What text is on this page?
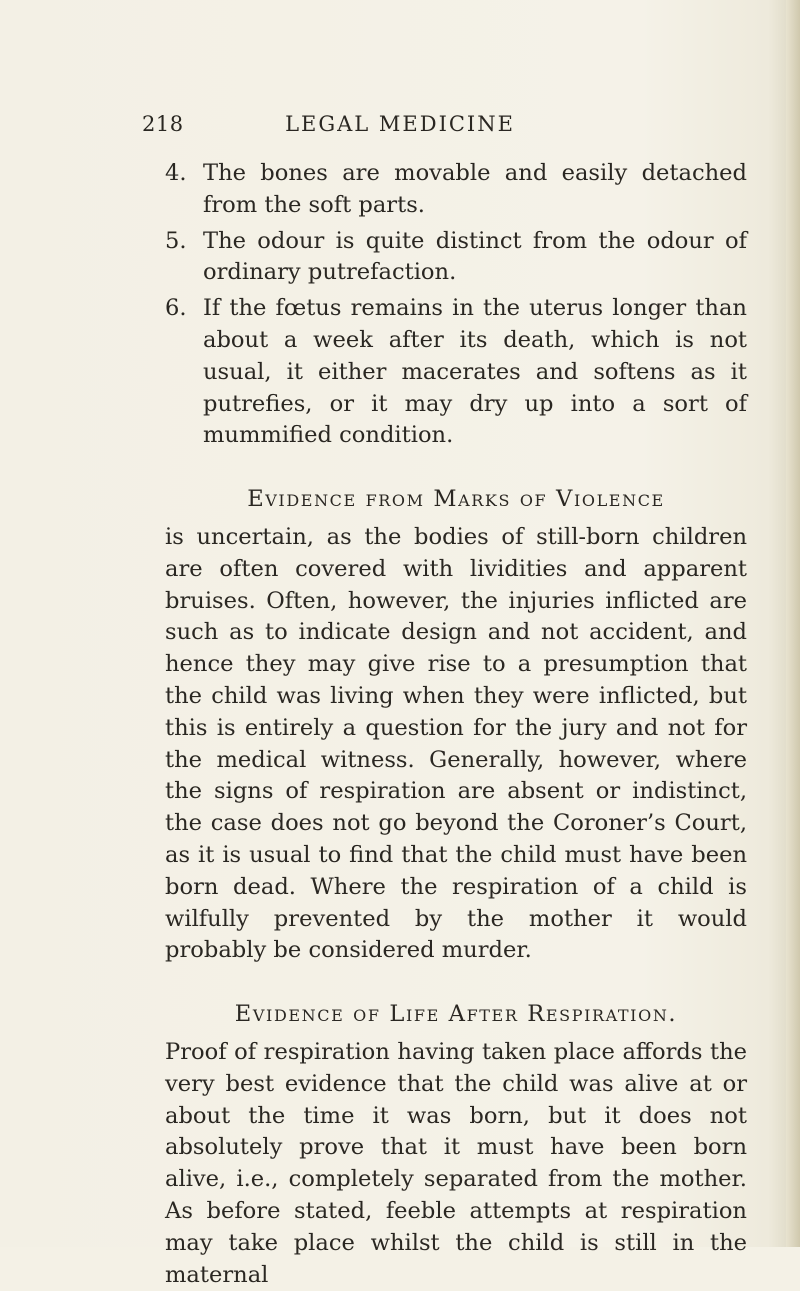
LEGAL MEDICINE
218
4. The bones are movable and easily detached from the soft parts.
5. The odour is quite distinct from the odour of ordinary putrefaction.
6. If the fœtus remains in the uterus longer than about a week after its death, which is not usual, it either macerates and softens as it putrefies, or it may dry up into a sort of mummified condition.
Evidence from Marks of Violence

is uncertain, as the bodies of still-born children are often covered with lividities and apparent bruises. Often, however, the injuries inflicted are such as to indicate design and not accident, and hence they may give rise to a presumption that the child was living when they were inflicted, but this is entirely a question for the jury and not for the medical witness. Generally, however, where the signs of respiration are absent or indistinct, the case does not go beyond the Coroner’s Court, as it is usual to find that the child must have been born dead. Where the respiration of a child is wilfully prevented by the mother it would probably be considered murder.

Evidence of Life After Respiration.

Proof of respiration having taken place affords the very best evidence that the child was alive at or about the time it was born, but it does not absolutely prove that it must have been born alive, i.e., completely separated from the mother. As before stated, feeble attempts at respiration may take place whilst the child is still in the maternal
